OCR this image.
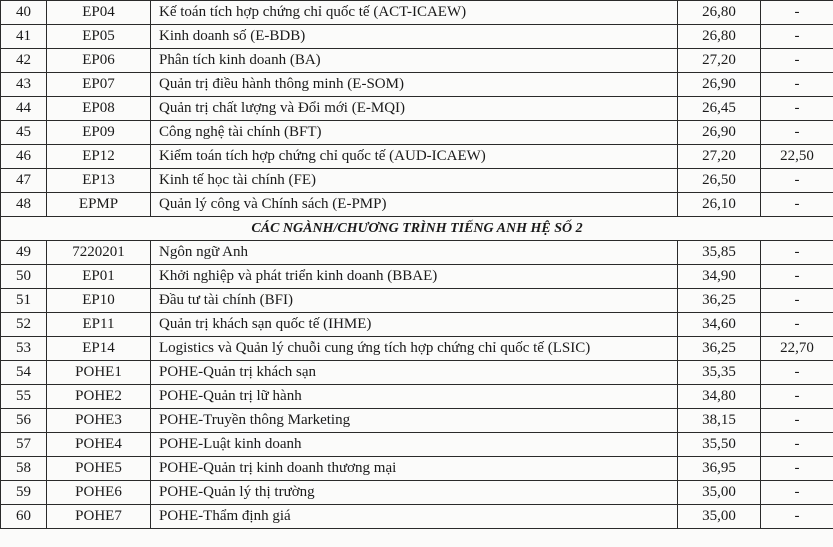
40	EP04	Kế toán tích hợp chứng chỉ quốc tế (ACT-ICAEW)	26,80	-
41	EP05	Kinh doanh số (E-BDB)	26,80	-
42	EP06	Phân tích kinh doanh (BA)	27,20	-
43	EP07	Quản trị điều hành thông minh (E-SOM)	26,90	-
44	EP08	Quản trị chất lượng và Đổi mới (E-MQI)	26,45	-
45	EP09	Công nghệ tài chính (BFT)	26,90	-
46	EP12	Kiểm toán tích hợp chứng chỉ quốc tế (AUD-ICAEW)	27,20	22,50
47	EP13	Kinh tế học tài chính (FE)	26,50	-
48	EPMP	Quản lý công và Chính sách (E-PMP)	26,10	-
CÁC NGÀNH/CHƯƠNG TRÌNH TIẾNG ANH HỆ SỐ 2				
49	7220201	Ngôn ngữ Anh	35,85	-
50	EP01	Khởi nghiệp và phát triển kinh doanh (BBAE)	34,90	-
51	EP10	Đầu tư tài chính (BFI)	36,25	-
52	EP11	Quản trị khách sạn quốc tế (IHME)	34,60	-
53	EP14	Logistics và Quản lý chuỗi cung ứng tích hợp chứng chỉ quốc tế (LSIC)	36,25	22,70
54	POHE1	POHE-Quản trị khách sạn	35,35	-
55	POHE2	POHE-Quản trị lữ hành	34,80	-
56	POHE3	POHE-Truyền thông Marketing	38,15	-
57	POHE4	POHE-Luật kinh doanh	35,50	-
58	POHE5	POHE-Quản trị kinh doanh thương mại	36,95	-
59	POHE6	POHE-Quản lý thị trường	35,00	-
60	POHE7	POHE-Thẩm định giá	35,00	-
